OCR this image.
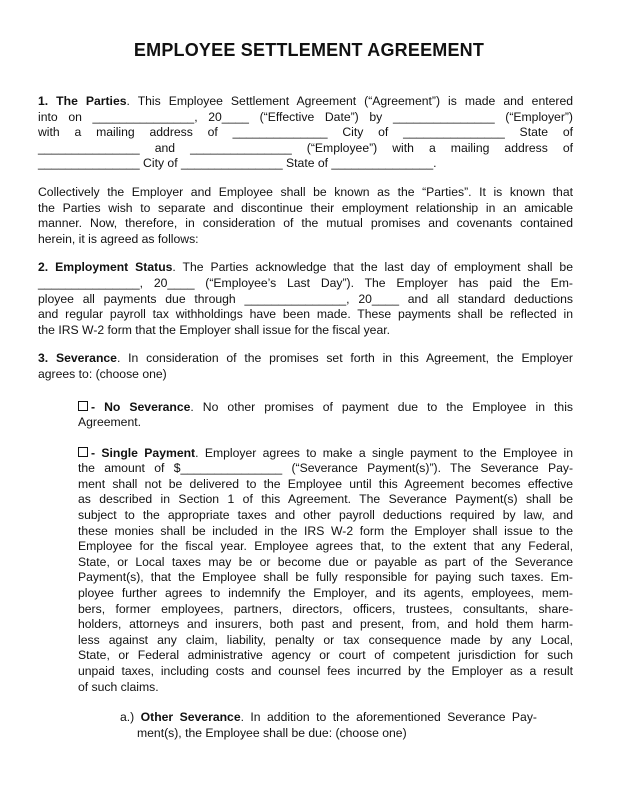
EMPLOYEE SETTLEMENT AGREEMENT
1. The Parties. This Employee Settlement Agreement (“Agreement”) is made and entered
into on _______________, 20____ (“Effective Date”) by _______________ (“Employer”)
with a mailing address of ______________ City of _______________ State of
_______________ and _______________ (“Employee”) with a mailing address of
_______________ City of _______________ State of _______________.
Collectively the Employer and Employee shall be known as the “Parties”. It is known that
the Parties wish to separate and discontinue their employment relationship in an amicable
manner. Now, therefore, in consideration of the mutual promises and covenants contained
herein, it is agreed as follows:
2. Employment Status. The Parties acknowledge that the last day of employment shall be
_______________, 20____ (“Employee’s Last Day”). The Employer has paid the Em-
ployee all payments due through _______________, 20____ and all standard deductions
and regular payroll tax withholdings have been made. These payments shall be reflected in
the IRS W-2 form that the Employer shall issue for the fiscal year.
3. Severance. In consideration of the promises set forth in this Agreement, the Employer
agrees to: (choose one)
- No Severance. No other promises of payment due to the Employee in this
Agreement.
- Single Payment. Employer agrees to make a single payment to the Employee in
the amount of $_______________ (“Severance Payment(s)”). The Severance Pay-
ment shall not be delivered to the Employee until this Agreement becomes effective
as described in Section 1 of this Agreement. The Severance Payment(s) shall be
subject to the appropriate taxes and other payroll deductions required by law, and
these monies shall be included in the IRS W-2 form the Employer shall issue to the
Employee for the fiscal year. Employee agrees that, to the extent that any Federal,
State, or Local taxes may be or become due or payable as part of the Severance
Payment(s), that the Employee shall be fully responsible for paying such taxes. Em-
ployee further agrees to indemnify the Employer, and its agents, employees, mem-
bers, former employees, partners, directors, officers, trustees, consultants, share-
holders, attorneys and insurers, both past and present, from, and hold them harm-
less against any claim, liability, penalty or tax consequence made by any Local,
State, or Federal administrative agency or court of competent jurisdiction for such
unpaid taxes, including costs and counsel fees incurred by the Employer as a result
of such claims.
a.) Other Severance. In addition to the aforementioned Severance Pay-
ment(s), the Employee shall be due: (choose one)
